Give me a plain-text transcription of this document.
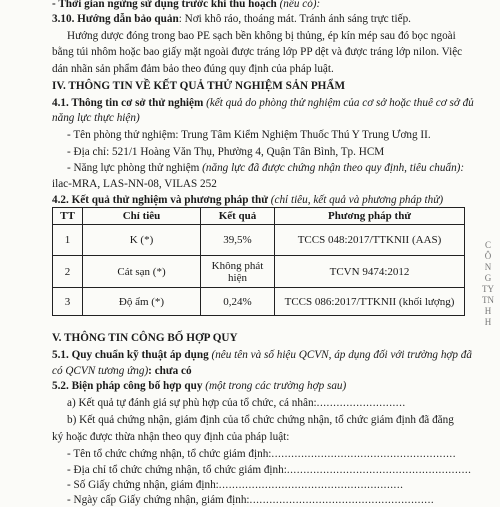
- Thời gian ngừng sử dụng trước khi thu hoạch (nếu có):
3.10. Hướng dẫn bảo quản: Nơi khô ráo, thoáng mát. Tránh ánh sáng trực tiếp.
Hướng dược đóng trong bao PE sạch bền không bị thủng, ép kín mép sau đó bọc ngoài
bằng túi nhôm hoặc bao giấy mặt ngoài được tráng lớp PP dệt và được tráng lớp nilon. Việc
dán nhãn sản phẩm đảm bảo theo đúng quy định của pháp luật.
IV. THÔNG TIN VỀ KẾT QUẢ THỬ NGHIỆM SẢN PHẨM
4.1. Thông tin cơ sở thử nghiệm (kết quả do phòng thử nghiệm của cơ sở hoặc thuê cơ sở đủ
năng lực thực hiện)
- Tên phòng thử nghiệm: Trung Tâm Kiểm Nghiệm Thuốc Thú Y Trung Ương II.
- Địa chỉ: 521/1 Hoàng Văn Thụ, Phường 4, Quận Tân Bình, Tp. HCM
- Năng lực phòng thử nghiệm (năng lực đã được chứng nhận theo quy định, tiêu chuẩn):
ilac-MRA, LAS-NN-08, VILAS 252
4.2. Kết quả thử nghiệm và phương pháp thử (chỉ tiêu, kết quả và phương pháp thử)
TT	Chỉ tiêu	Kết quả	Phương pháp thử
1	K (*)	39,5%	TCCS 048:2017/TTKNII (AAS)
2	Cát sạn (*)	Không phát hiện	TCVN 9474:2012
3	Độ ẩm (*)	0,24%	TCCS 086:2017/TTKNII (khối lượng)
CÔNG TY TNHH
V. THÔNG TIN CÔNG BỐ HỢP QUY
5.1. Quy chuẩn kỹ thuật áp dụng (nêu tên và số hiệu QCVN, áp dụng đối với trường hợp đã
có QCVN tương ứng): chưa có
5.2. Biện pháp công bố hợp quy (một trong các trường hợp sau)
a) Kết quả tự đánh giá sự phù hợp của tổ chức, cá nhân:...........................
b) Kết quả chứng nhận, giám định của tổ chức chứng nhận, tổ chức giám định đã đăng
ký hoặc được thừa nhận theo quy định của pháp luật:
- Tên tổ chức chứng nhận, tổ chức giám định:........................................................
- Địa chỉ tổ chức chứng nhận, tổ chức giám định:........................................................
- Số Giấy chứng nhận, giám định:........................................................
- Ngày cấp Giấy chứng nhận, giám định:........................................................
